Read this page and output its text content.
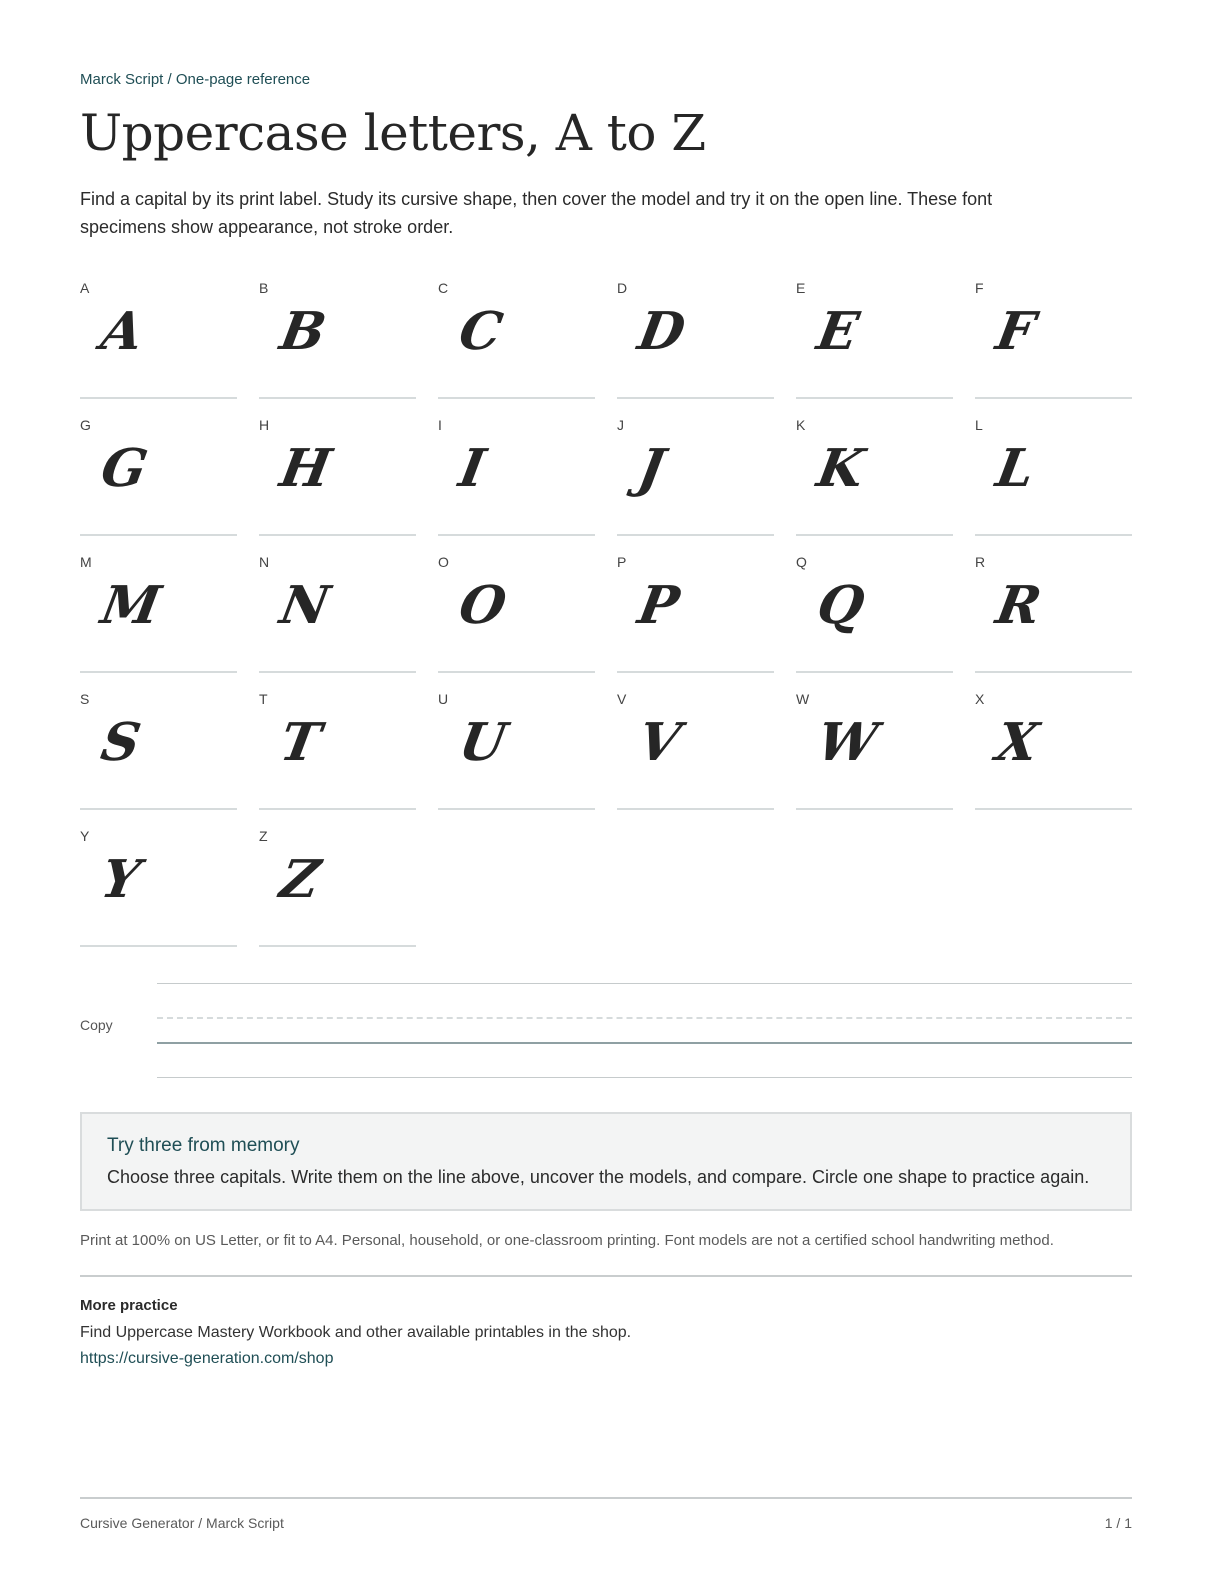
Marck Script / One-page reference
Uppercase letters, A to Z

Find a capital by its print label. Study its cursive shape, then cover the model and try it on the open line. These font specimens show appearance, not stroke order.

A
A
B
B
C
C
D
D
E
E
F
F
G
G
H
H
I
I
J
J
K
K
L
L
M
M
N
N
O
O
P
P
Q
Q
R
R
S
S
T
T
U
U
V
V
W
W
X
X
Y
Y
Z
Z
Copy
Try three from memory
Choose three capitals. Write them on the line above, uncover the models, and compare. Circle one shape to practice again.
Print at 100% on US Letter, or fit to A4. Personal, household, or one-classroom printing. Font models are not a certified school handwriting method.
More practice
Find Uppercase Mastery Workbook and other available printables in the shop.
https://cursive-generation.com/shop
Cursive Generator / Marck Script	1 / 1
